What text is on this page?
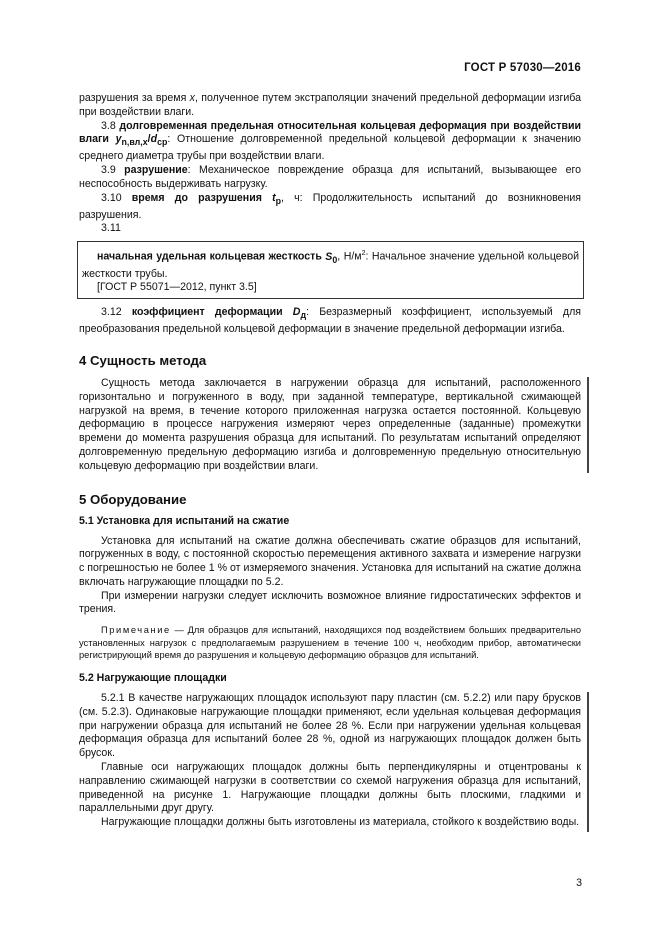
ГОСТ Р 57030—2016

разрушения за время x, полученное путем экстраполяции значений предельной деформации изгиба при воздействии влаги.

3.8 долговременная предельная относительная кольцевая деформация при воздействии влаги $y_{n,вл,x}/d_{ср}$: Отношение долговременной предельной кольцевой деформации к значению среднего диаметра трубы при воздействии влаги.

3.9 разрушение: Механическое повреждение образца для испытаний, вызывающее его неспособность выдерживать нагрузку.

3.10 время до разрушения $t_р$, ч: Продолжительность испытаний до возникновения разрушения.

3.11

начальная удельная кольцевая жесткость $S_0$, $Н/м^2$: Начальное значение удельной кольцевой жесткости трубы.

[ГОСТ Р 55071—2012, пункт 3.5]

3.12 коэффициент деформации $D_д$: Безразмерный коэффициент, используемый для преобразования предельной кольцевой деформации в значение предельной деформации изгиба.

4 Сущность метода

Сущность метода заключается в нагружении образца для испытаний, расположенного горизонтально и погруженного в воду, при заданной температуре, вертикальной сжимающей нагрузкой на время, в течение которого приложенная нагрузка остается постоянной. Кольцевую деформацию в процессе нагружения измеряют через определенные (заданные) промежутки времени до момента разрушения образца для испытаний. По результатам испытаний определяют долговременную предельную деформацию изгиба и долговременную предельную относительную кольцевую деформацию при воздействии влаги.

5 Оборудование
5.1 Установка для испытаний на сжатие

Установка для испытаний на сжатие должна обеспечивать сжатие образцов для испытаний, погруженных в воду, с постоянной скоростью перемещения активного захвата и измерение нагрузки с погрешностью не более 1 % от измеряемого значения. Установка для испытаний на сжатие должна включать нагружающие площадки по 5.2.

При измерении нагрузки следует исключить возможное влияние гидростатических эффектов и трения.

Примечание — Для образцов для испытаний, находящихся под воздействием больших предварительно установленных нагрузок с предполагаемым разрушением в течение 100 ч, необходим прибор, автоматически регистрирующий время до разрушения и кольцевую деформацию образцов для испытаний.

5.2 Нагружающие площадки

5.2.1 В качестве нагружающих площадок используют пару пластин (см. 5.2.2) или пару брусков (см. 5.2.3). Одинаковые нагружающие площадки применяют, если удельная кольцевая деформация при нагружении образца для испытаний не более 28 %. Если при нагружении удельная кольцевая деформация образца для испытаний более 28 %, одной из нагружающих площадок должен быть брусок.

Главные оси нагружающих площадок должны быть перпендикулярны и отцентрованы к направлению сжимающей нагрузки в соответствии со схемой нагружения образца для испытаний, приведенной на рисунке 1. Нагружающие площадки должны быть плоскими, гладкими и параллельными друг другу.

Нагружающие площадки должны быть изготовлены из материала, стойкого к воздействию воды.

3
